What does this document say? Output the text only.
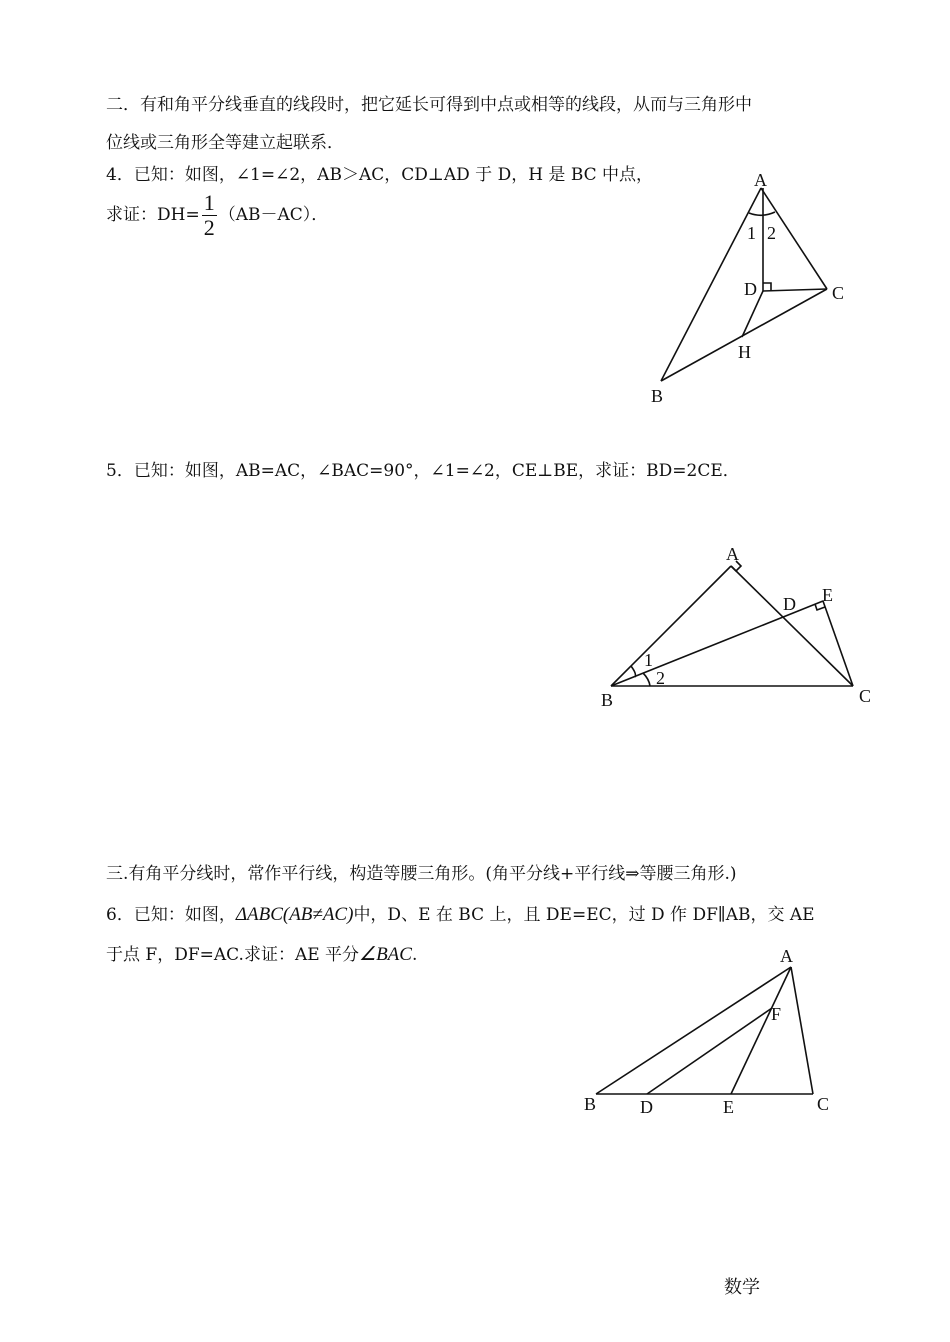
二．有和角平分线垂直的线段时，把它延长可得到中点或相等的线段，从而与三角形中
位线或三角形全等建立起联系．
4．已知：如图，∠1=∠2，AB＞AC，CD⊥AD 于 D，H 是 BC 中点，
求证：$DH= \frac{1}{2} (AB-AC)$．
5．已知：如图，AB=AC，∠BAC=90°，∠1=∠2，CE⊥BE，求证：BD=2CE．
三.有角平分线时，常作平行线，构造等腰三角形。(角平分线+平行线⇒等腰三角形.)
6．已知：如图，ΔABC(AB≠AC)中，D、E 在 BC 上，且 DE=EC，过 D 作 DF∥AB，交 AE
于点 F，DF=AC.求证：AE 平分∠BAC.
数学
A
B
C
D
H
1 2
A
B	C
D E
1
2
A
B	C
D	E
F
